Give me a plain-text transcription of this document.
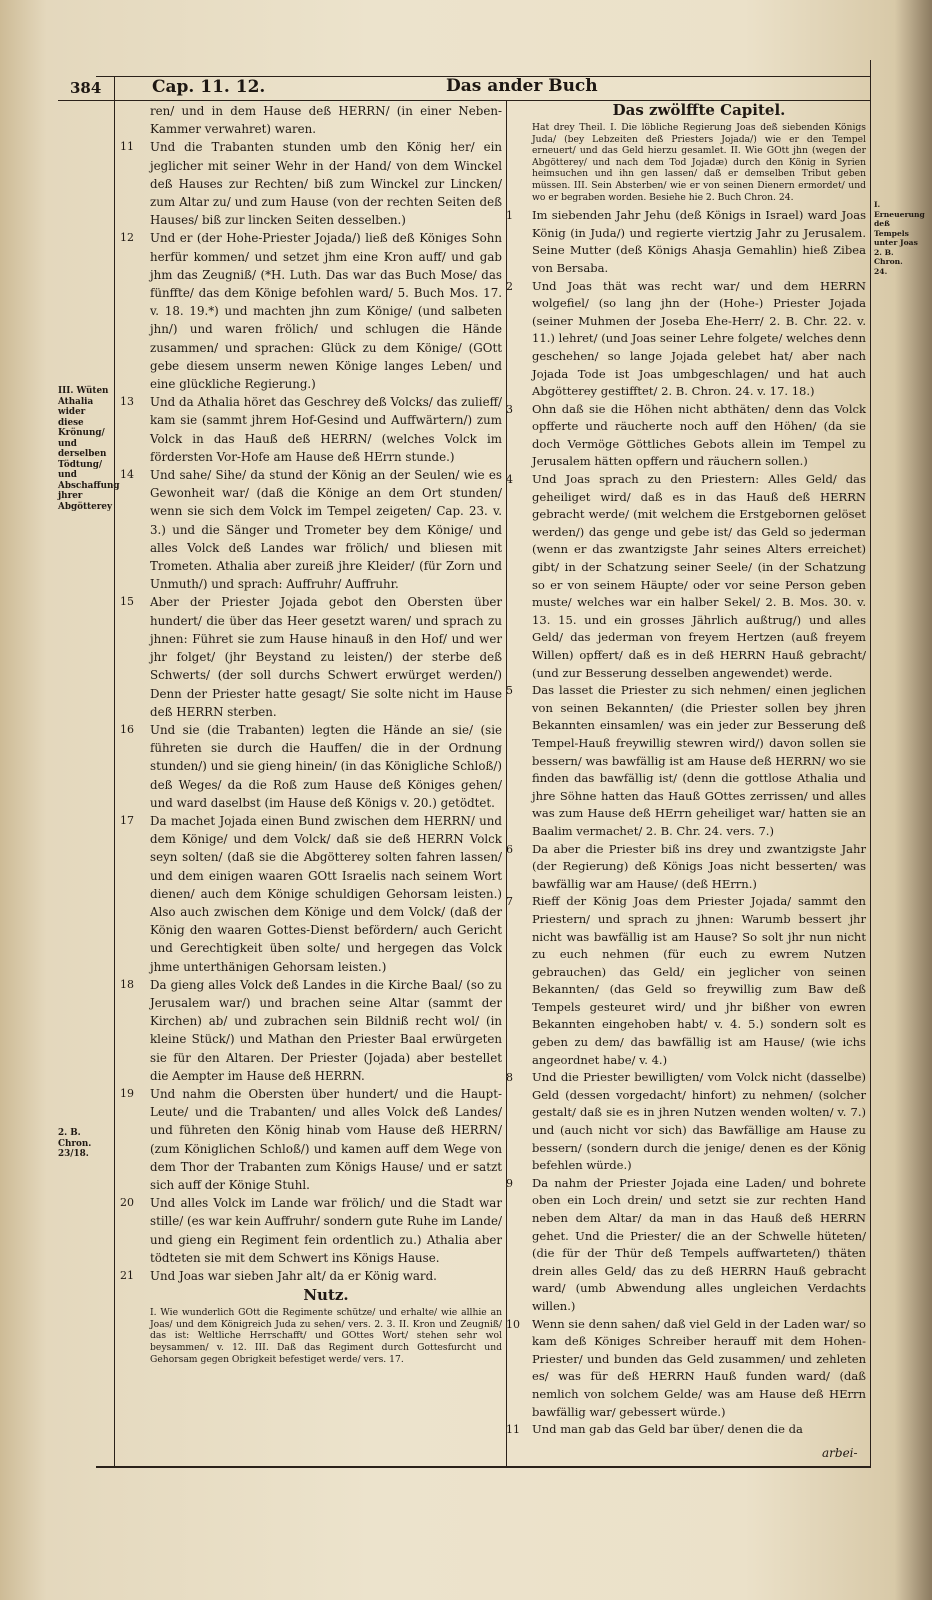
384	Cap. 11. 12.	Das ander Buch
III. Wüten Athalia wider diese Krönung/ und derselben Tödtung/ und Abschaffung jhrer Abgötterey
2. B. Chron. 23/18.
I. Erneuerung deß Tempels unter Joas 2. B. Chron. 24.

ren/ und in dem Hause deß HERRN/ (in einer Neben-Kammer verwahret) waren.

11 Und die Trabanten stunden umb den König her/ ein jeglicher mit seiner Wehr in der Hand/ von dem Winckel deß Hauses zur Rechten/ biß zum Winckel zur Lincken/ zum Altar zu/ und zum Hause (von der rechten Seiten deß Hauses/ biß zur lincken Seiten desselben.)

12 Und er (der Hohe-Priester Jojada/) ließ deß Königes Sohn herfür kommen/ und setzet jhm eine Kron auff/ und gab jhm das Zeugniß/ (*H. Luth. Das war das Buch Mose/ das fünffte/ das dem Könige befohlen ward/ 5. Buch Mos. 17. v. 18. 19.*) und machten jhn zum Könige/ (und salbeten jhn/) und waren frölich/ und schlugen die Hände zusammen/ und sprachen: Glück zu dem Könige/ (GOtt gebe diesem unserm newen Könige langes Leben/ und eine glückliche Regierung.)

13 Und da Athalia höret das Geschrey deß Volcks/ das zulieff/ kam sie (sammt jhrem Hof-Gesind und Auffwärtern/) zum Volck in das Hauß deß HERRN/ (welches Volck im fördersten Vor-Hofe am Hause deß HErrn stunde.)

14 Und sahe/ Sihe/ da stund der König an der Seulen/ wie es Gewonheit war/ (daß die Könige an dem Ort stunden/ wenn sie sich dem Volck im Tempel zeigeten/ Cap. 23. v. 3.) und die Sänger und Trometer bey dem Könige/ und alles Volck deß Landes war frölich/ und bliesen mit Trometen. Athalia aber zureiß jhre Kleider/ (für Zorn und Unmuth/) und sprach: Auffruhr/ Auffruhr.

15 Aber der Priester Jojada gebot den Obersten über hundert/ die über das Heer gesetzt waren/ und sprach zu jhnen: Führet sie zum Hause hinauß in den Hof/ und wer jhr folget/ (jhr Beystand zu leisten/) der sterbe deß Schwerts/ (der soll durchs Schwert erwürget werden/) Denn der Priester hatte gesagt/ Sie solte nicht im Hause deß HERRN sterben.

16 Und sie (die Trabanten) legten die Hände an sie/ (sie führeten sie durch die Hauffen/ die in der Ordnung stunden/) und sie gieng hinein/ (in das Königliche Schloß/) deß Weges/ da die Roß zum Hause deß Königes gehen/ und ward daselbst (im Hause deß Königs v. 20.) getödtet.

17 Da machet Jojada einen Bund zwischen dem HERRN/ und dem Könige/ und dem Volck/ daß sie deß HERRN Volck seyn solten/ (daß sie die Abgötterey solten fahren lassen/ und dem einigen waaren GOtt Israelis nach seinem Wort dienen/ auch dem Könige schuldigen Gehorsam leisten.) Also auch zwischen dem Könige und dem Volck/ (daß der König den waaren Gottes-Dienst befördern/ auch Gericht und Gerechtigkeit üben solte/ und hergegen das Volck jhme unterthänigen Gehorsam leisten.)

18 Da gieng alles Volck deß Landes in die Kirche Baal/ (so zu Jerusalem war/) und brachen seine Altar (sammt der Kirchen) ab/ und zubrachen sein Bildniß recht wol/ (in kleine Stück/) und Mathan den Priester Baal erwürgeten sie für den Altaren. Der Priester (Jojada) aber bestellet die Aempter im Hause deß HERRN.

19 Und nahm die Obersten über hundert/ und die Haupt-Leute/ und die Trabanten/ und alles Volck deß Landes/ und führeten den König hinab vom Hause deß HERRN/ (zum Königlichen Schloß/) und kamen auff dem Wege von dem Thor der Trabanten zum Königs Hause/ und er satzt sich auff der Könige Stuhl.

20 Und alles Volck im Lande war frölich/ und die Stadt war stille/ (es war kein Auffruhr/ sondern gute Ruhe im Lande/ und gieng ein Regiment fein ordentlich zu.) Athalia aber tödteten sie mit dem Schwert ins Königs Hause.

21 Und Joas war sieben Jahr alt/ da er König ward.

Nutz.

I. Wie wunderlich GOtt die Regimente schütze/ und erhalte/ wie allhie an Joas/ und dem Königreich Juda zu sehen/ vers. 2. 3. II. Kron und Zeugniß/ das ist: Weltliche Herrschafft/ und GOttes Wort/ stehen sehr wol beysammen/ v. 12. III. Daß das Regiment durch Gottesfurcht und Gehorsam gegen Obrigkeit befestiget werde/ vers. 17.

Das zwölffte Capitel.

Hat drey Theil. I. Die löbliche Regierung Joas deß siebenden Königs Juda/ (bey Lebzeiten deß Priesters Jojada/) wie er den Tempel erneuert/ und das Geld hierzu gesamlet. II. Wie GOtt jhn (wegen der Abgötterey/ und nach dem Tod Jojadæ) durch den König in Syrien heimsuchen und ihn gen lassen/ daß er demselben Tribut geben müssen. III. Sein Absterben/ wie er von seinen Dienern ermordet/ und wo er begraben worden. Besiehe hie 2. Buch Chron. 24.

1 Im siebenden Jahr Jehu (deß Königs in Israel) ward Joas König (in Juda/) und regierte viertzig Jahr zu Jerusalem. Seine Mutter (deß Königs Ahasja Gemahlin) hieß Zibea von Bersaba.

2 Und Joas thät was recht war/ und dem HERRN wolgefiel/ (so lang jhn der (Hohe-) Priester Jojada (seiner Muhmen der Joseba Ehe-Herr/ 2. B. Chr. 22. v. 11.) lehret/ (und Joas seiner Lehre folgete/ welches denn geschehen/ so lange Jojada gelebet hat/ aber nach Jojada Tode ist Joas umbgeschlagen/ und hat auch Abgötterey gestifftet/ 2. B. Chron. 24. v. 17. 18.)

3 Ohn daß sie die Höhen nicht abthäten/ denn das Volck opfferte und räucherte noch auff den Höhen/ (da sie doch Vermöge Göttliches Gebots allein im Tempel zu Jerusalem hätten opffern und räuchern sollen.)

4 Und Joas sprach zu den Priestern: Alles Geld/ das geheiliget wird/ daß es in das Hauß deß HERRN gebracht werde/ (mit welchem die Erstgebornen gelöset werden/) das genge und gebe ist/ das Geld so jederman (wenn er das zwantzigste Jahr seines Alters erreichet) gibt/ in der Schatzung seiner Seele/ (in der Schatzung so er von seinem Häupte/ oder vor seine Person geben muste/ welches war ein halber Sekel/ 2. B. Mos. 30. v. 13. 15. und ein grosses Jährlich außtrug/) und alles Geld/ das jederman von freyem Hertzen (auß freyem Willen) opffert/ daß es in deß HERRN Hauß gebracht/ (und zur Besserung desselben angewendet) werde.

5 Das lasset die Priester zu sich nehmen/ einen jeglichen von seinen Bekannten/ (die Priester sollen bey jhren Bekannten einsamlen/ was ein jeder zur Besserung deß Tempel-Hauß freywillig stewren wird/) davon sollen sie bessern/ was bawfällig ist am Hause deß HERRN/ wo sie finden das bawfällig ist/ (denn die gottlose Athalia und jhre Söhne hatten das Hauß GOttes zerrissen/ und alles was zum Hause deß HErrn geheiliget war/ hatten sie an Baalim vermachet/ 2. B. Chr. 24. vers. 7.)

6 Da aber die Priester biß ins drey und zwantzigste Jahr (der Regierung) deß Königs Joas nicht besserten/ was bawfällig war am Hause/ (deß HErrn.)

7 Rieff der König Joas dem Priester Jojada/ sammt den Priestern/ und sprach zu jhnen: Warumb bessert jhr nicht was bawfällig ist am Hause? So solt jhr nun nicht zu euch nehmen (für euch zu ewrem Nutzen gebrauchen) das Geld/ ein jeglicher von seinen Bekannten/ (das Geld so freywillig zum Baw deß Tempels gesteuret wird/ und jhr bißher von ewren Bekannten eingehoben habt/ v. 4. 5.) sondern solt es geben zu dem/ das bawfällig ist am Hause/ (wie ichs angeordnet habe/ v. 4.)

8 Und die Priester bewilligten/ vom Volck nicht (dasselbe) Geld (dessen vorgedacht/ hinfort) zu nehmen/ (solcher gestalt/ daß sie es in jhren Nutzen wenden wolten/ v. 7.) und (auch nicht vor sich) das Bawfällige am Hause zu bessern/ (sondern durch die jenige/ denen es der König befehlen würde.)

9 Da nahm der Priester Jojada eine Laden/ und bohrete oben ein Loch drein/ und setzt sie zur rechten Hand neben dem Altar/ da man in das Hauß deß HERRN gehet. Und die Priester/ die an der Schwelle hüteten/ (die für der Thür deß Tempels auffwarteten/) thäten drein alles Geld/ das zu deß HERRN Hauß gebracht ward/ (umb Abwendung alles ungleichen Verdachts willen.)

10 Wenn sie denn sahen/ daß viel Geld in der Laden war/ so kam deß Königes Schreiber herauff mit dem Hohen-Priester/ und bunden das Geld zusammen/ und zehleten es/ was für deß HERRN Hauß funden ward/ (daß nemlich von solchem Gelde/ was am Hause deß HErrn bawfällig war/ gebessert würde.)

11 Und man gab das Geld bar über/ denen die da

arbei-
